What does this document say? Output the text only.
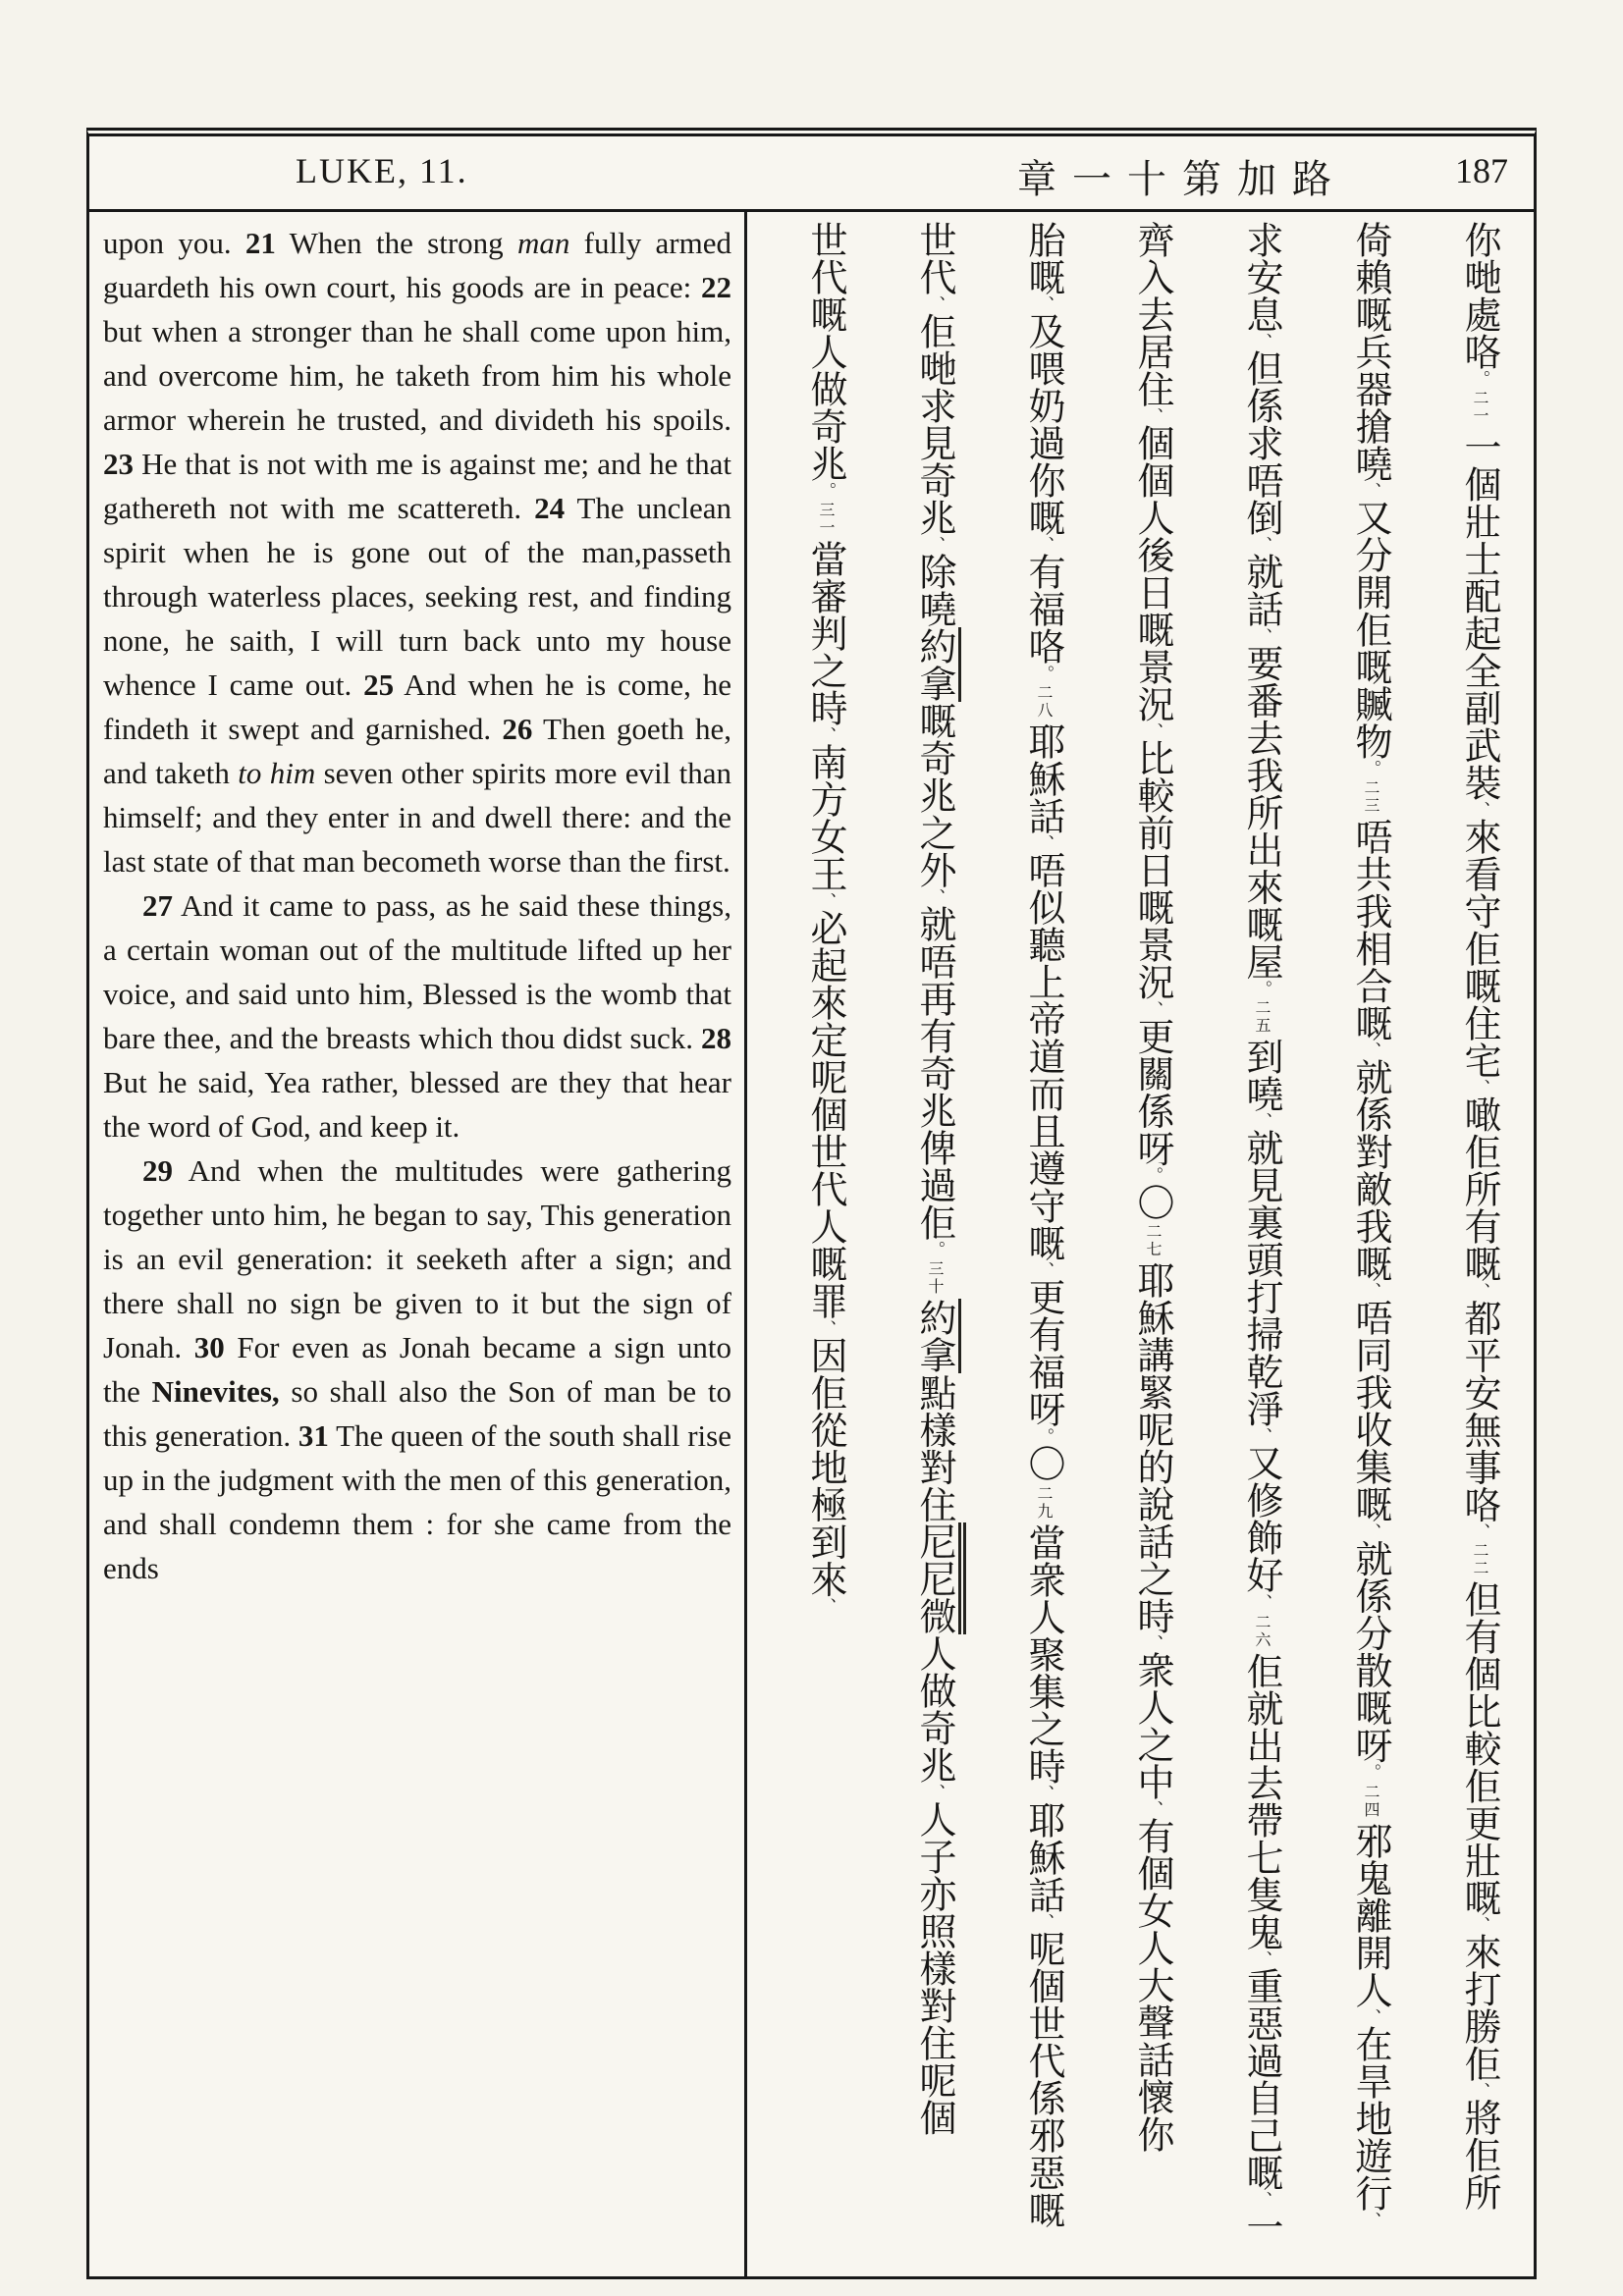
LUKE, 11.	章一十第加路	187

upon you. 21 When the strong man fully armed guardeth his own court, his goods are in peace: 22 but when a stronger than he shall come upon him, and overcome him, he taketh from him his whole armor wherein he trusted, and divideth his spoils. 23 He that is not with me is against me; and he that gathereth not with me scattereth. 24 The unclean spirit when he is gone out of the man,passeth through waterless places, seeking rest, and finding none, he saith, I will turn back unto my house whence I came out. 25 And when he is come, he findeth it swept and garnished. 26 Then goeth he, and taketh to him seven other spirits more evil than himself; and they enter in and dwell there: and the last state of that man becometh worse than the first.

27 And it came to pass, as he said these things, a certain woman out of the multitude lifted up her voice, and said unto him, Blessed is the womb that bare thee, and the breasts which thou didst suck. 28 But he said, Yea rather, blessed are they that hear the word of God, and keep it.

29 And when the multitudes were gathering together unto him, he began to say, This generation is an evil generation: it seeketh after a sign; and there shall no sign be given to it but the sign of Jonah. 30 For even as Jonah became a sign unto the Ninevites, so shall also the Son of man be to this generation. 31 The queen of the south shall rise up in the judgment with the men of this generation, and shall condemn them : for she came from the ends

你哋處咯。二一一個壯士配起全副武裝、來看守佢嘅住宅、噉佢所有嘅、都平安無事咯、二二但有個比較佢更壯嘅、來打勝佢、將佢所
倚賴嘅兵器搶嘵、又分開佢嘅贓物。二三唔共我相合嘅、就係對敵我嘅、唔同我收集嘅、就係分散嘅呀。二四邪鬼離開人、在旱地遊行、
求安息、但係求唔倒、就話、要番去我所出來嘅屋。二五到嘵、就見裏頭打掃乾淨、又修飾好、二六佢就出去帶七隻鬼、重惡過自己嘅、一
齊入去居住、個個人後日嘅景況、比較前日嘅景況、更關係呀。〇二七耶穌講緊呢的說話之時、衆人之中、有個女人大聲話懷你
胎嘅、及喂奶過你嘅、有福咯。二八耶穌話、唔似聽上帝道而且遵守嘅、更有福呀。〇二九當衆人聚集之時、耶穌話、呢個世代係邪惡嘅
世代、佢哋求見奇兆、除嘵約拿嘅奇兆之外、就唔再有奇兆俾過佢。三十約拿點樣對住尼尼微人做奇兆、人子亦照樣對住呢個
世代嘅人做奇兆。三一當審判之時、南方女王、必起來定呢個世代人嘅罪、因佢從地極到來、
